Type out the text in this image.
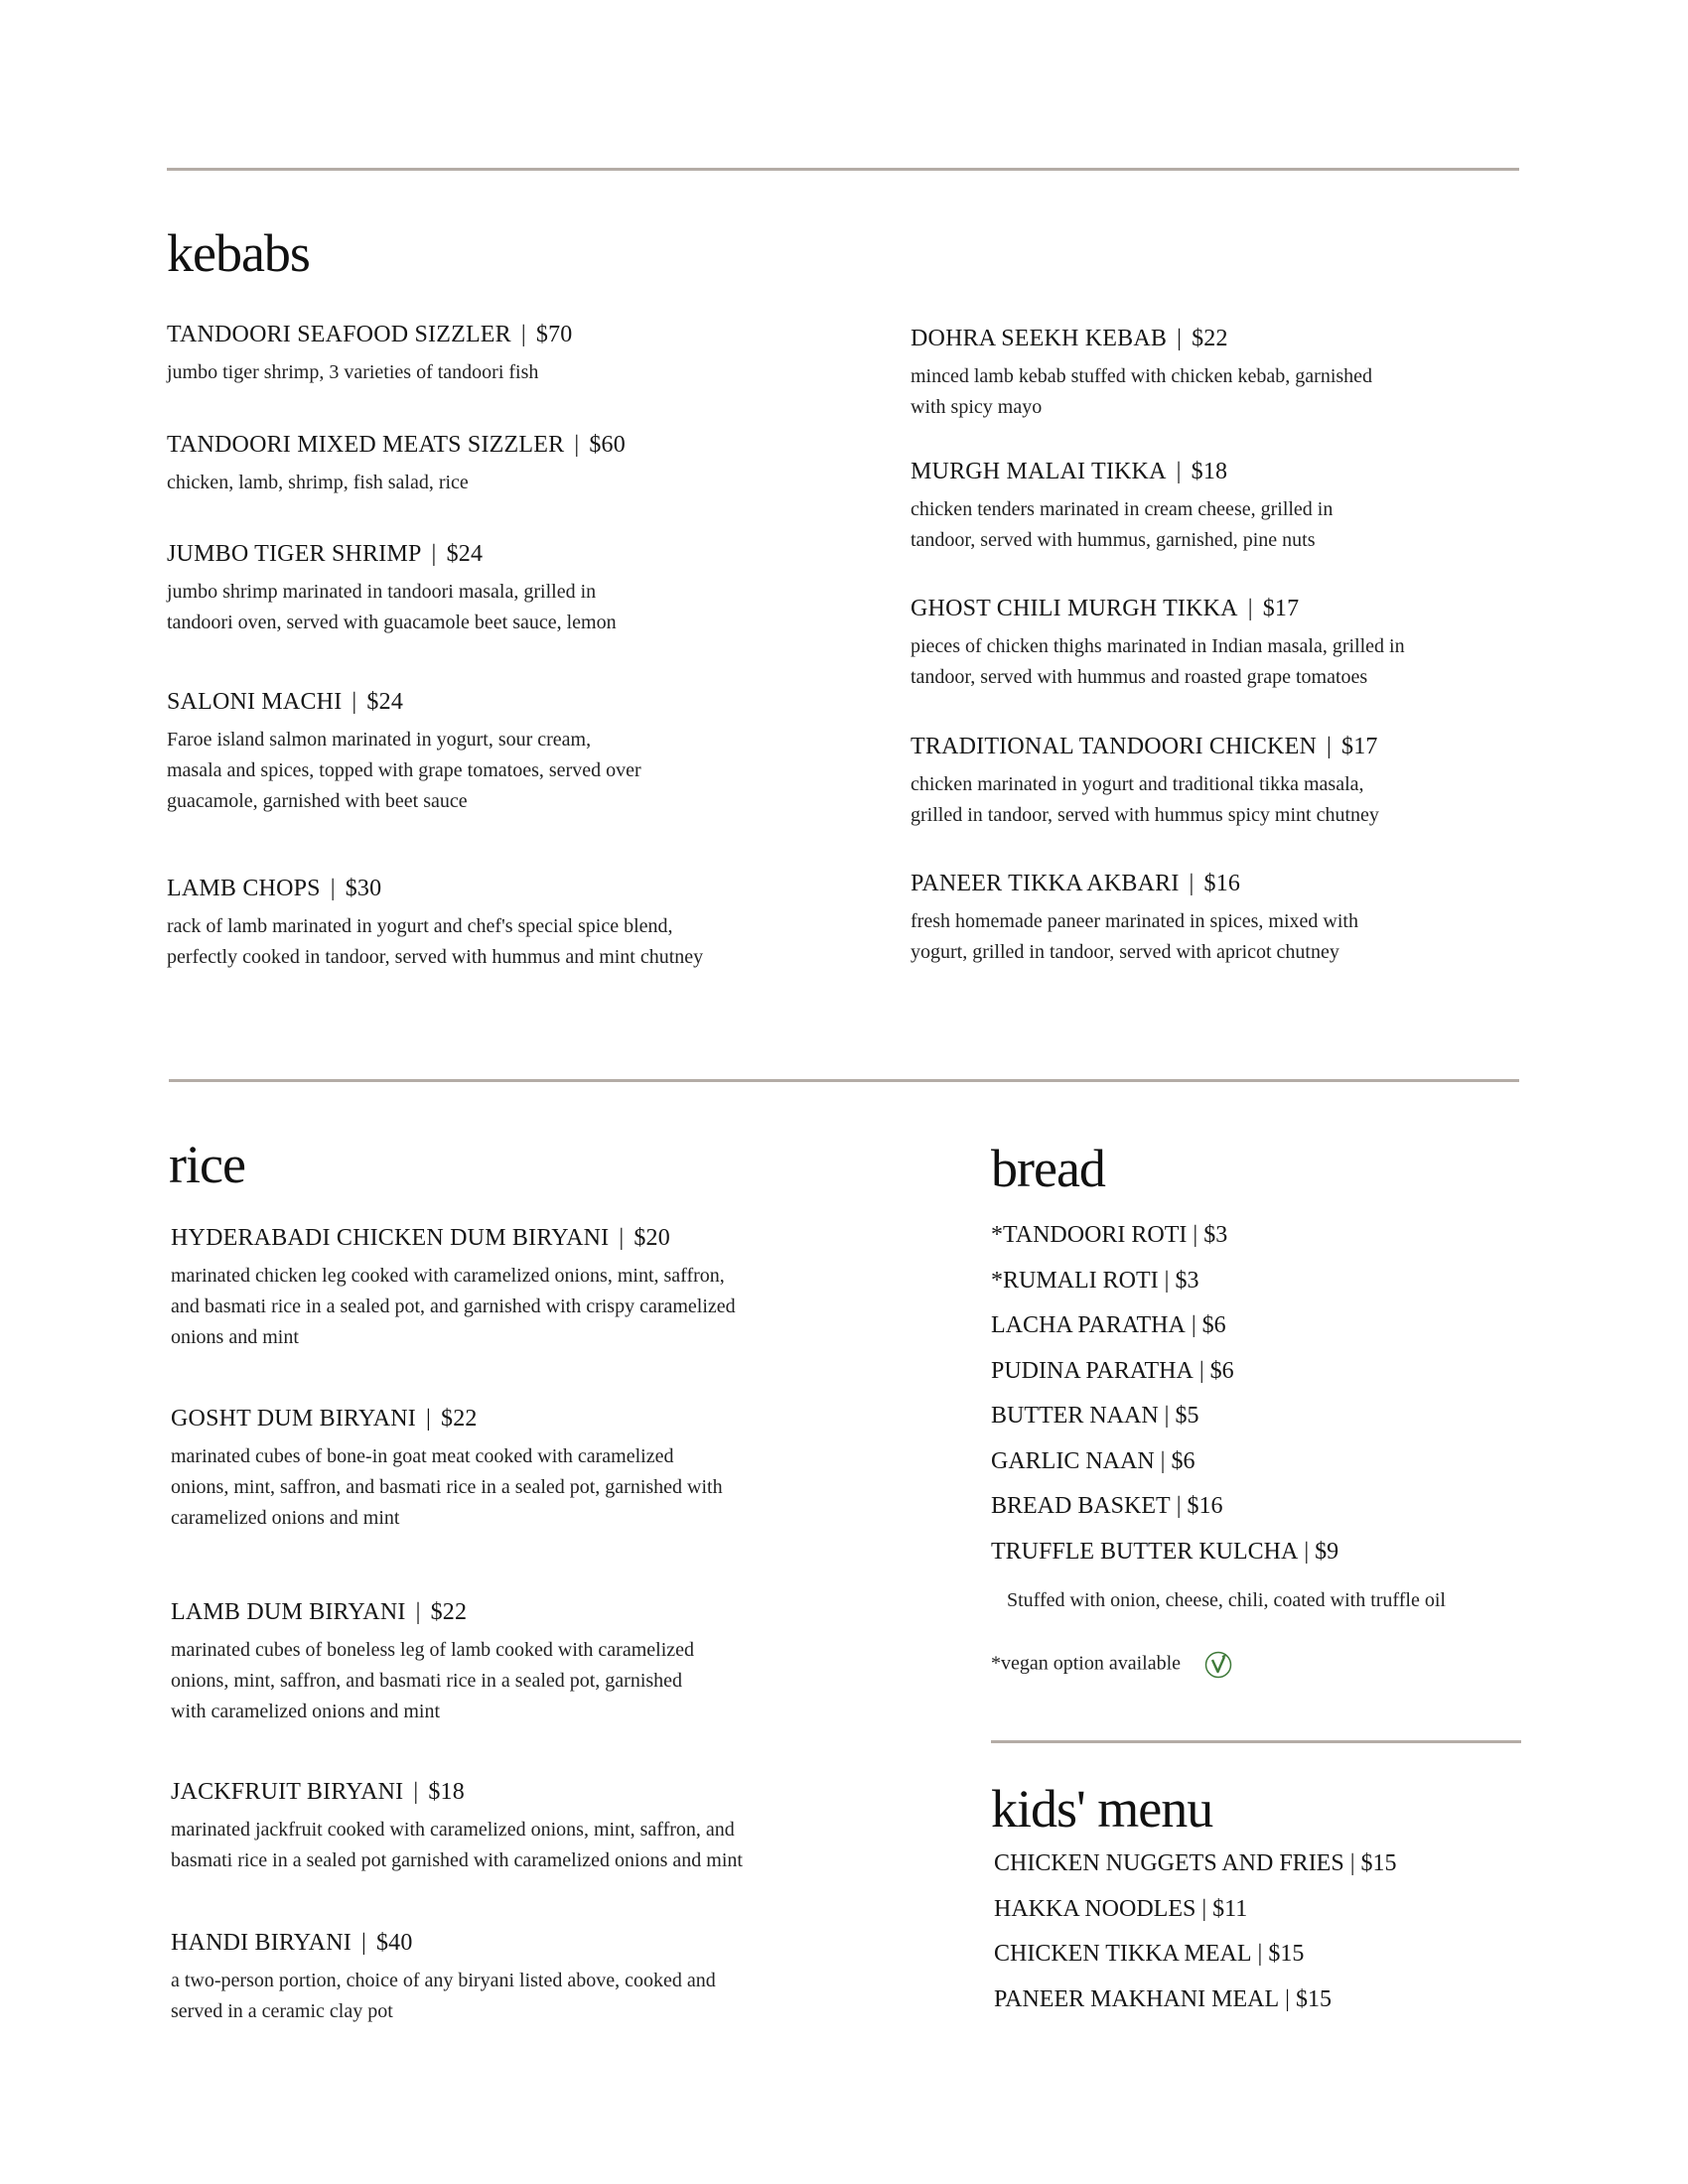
kebabs
TANDOORI SEAFOOD SIZZLER | $70
jumbo tiger shrimp, 3 varieties of tandoori fish
TANDOORI MIXED MEATS SIZZLER | $60
chicken, lamb, shrimp, fish salad, rice
JUMBO TIGER SHRIMP | $24
jumbo shrimp marinated in tandoori masala, grilled in
tandoori oven, served with guacamole beet sauce, lemon
SALONI MACHI | $24
Faroe island salmon marinated in yogurt, sour cream,
masala and spices, topped with grape tomatoes, served over
guacamole, garnished with beet sauce
LAMB CHOPS | $30
rack of lamb marinated in yogurt and chef's special spice blend,
perfectly cooked in tandoor, served with hummus and mint chutney
DOHRA SEEKH KEBAB | $22
minced lamb kebab stuffed with chicken kebab, garnished
with spicy mayo
MURGH MALAI TIKKA | $18
chicken tenders marinated in cream cheese, grilled in
tandoor, served with hummus, garnished, pine nuts
GHOST CHILI MURGH TIKKA | $17
pieces of chicken thighs marinated in Indian masala, grilled in
tandoor, served with hummus and roasted grape tomatoes
TRADITIONAL TANDOORI CHICKEN | $17
chicken marinated in yogurt and traditional tikka masala,
grilled in tandoor, served with hummus spicy mint chutney
PANEER TIKKA AKBARI | $16
fresh homemade paneer marinated in spices, mixed with
yogurt, grilled in tandoor, served with apricot chutney
rice
HYDERABADI CHICKEN DUM BIRYANI | $20
marinated chicken leg cooked with caramelized onions, mint, saffron,
and basmati rice in a sealed pot, and garnished with crispy caramelized
onions and mint
GOSHT DUM BIRYANI | $22
marinated cubes of bone-in goat meat cooked with caramelized
onions, mint, saffron, and basmati rice in a sealed pot, garnished with
caramelized onions and mint
LAMB DUM BIRYANI | $22
marinated cubes of boneless leg of lamb cooked with caramelized
onions, mint, saffron, and basmati rice in a sealed pot, garnished
with caramelized onions and mint
JACKFRUIT BIRYANI | $18
marinated jackfruit cooked with caramelized onions, mint, saffron, and
basmati rice in a sealed pot garnished with caramelized onions and mint
HANDI BIRYANI | $40
a two-person portion, choice of any biryani listed above, cooked and
served in a ceramic clay pot
bread
*TANDOORI ROTI | $3
*RUMALI ROTI | $3
LACHA PARATHA | $6
PUDINA PARATHA | $6
BUTTER NAAN | $5
GARLIC NAAN | $6
BREAD BASKET | $16
TRUFFLE BUTTER KULCHA | $9
Stuffed with onion, cheese, chili, coated with truffle oil
*vegan option available
kids' menu
CHICKEN NUGGETS AND FRIES | $15
HAKKA NOODLES | $11
CHICKEN TIKKA MEAL | $15
PANEER MAKHANI MEAL | $15
